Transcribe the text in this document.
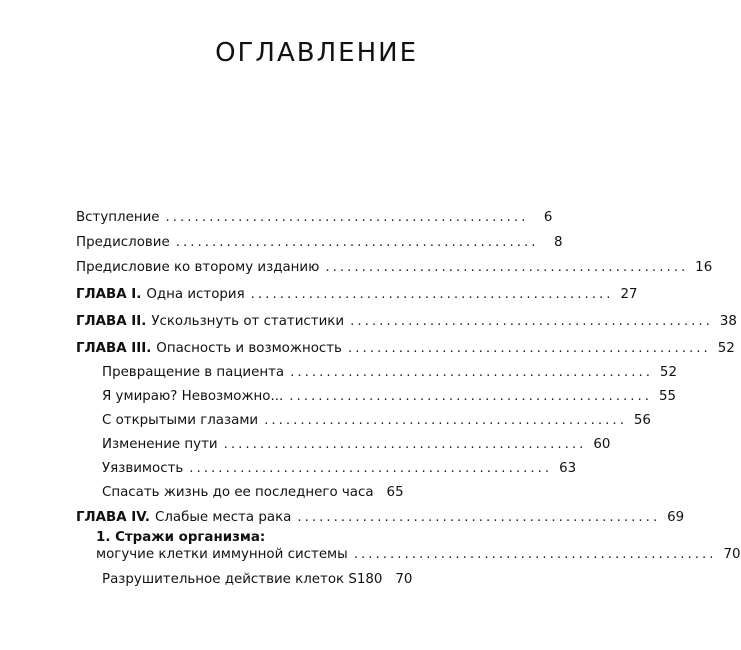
ОГЛАВЛЕНИЕ
Вступление ..................................................	6
Предисловие ..................................................	8
Предисловие ко второму изданию .................................................. 16
ГЛАВА I. Одна история .................................................. 27
ГЛАВА II. Ускользнуть от статистики .................................................. 38
ГЛАВА III. Опасность и возможность .................................................. 52
Превращение в пациента .................................................. 52
Я умираю? Невозможно... .................................................. 55
С открытыми глазами .................................................. 56
Изменение пути .................................................. 60
Уязвимость .................................................. 63
Спасать жизнь до ее последнего часа 65
ГЛАВА IV. Слабые места рака .................................................. 69
1. Стражи организма:
могучие клетки иммунной системы .................................................. 70
Разрушительное действие клеток S180 70
